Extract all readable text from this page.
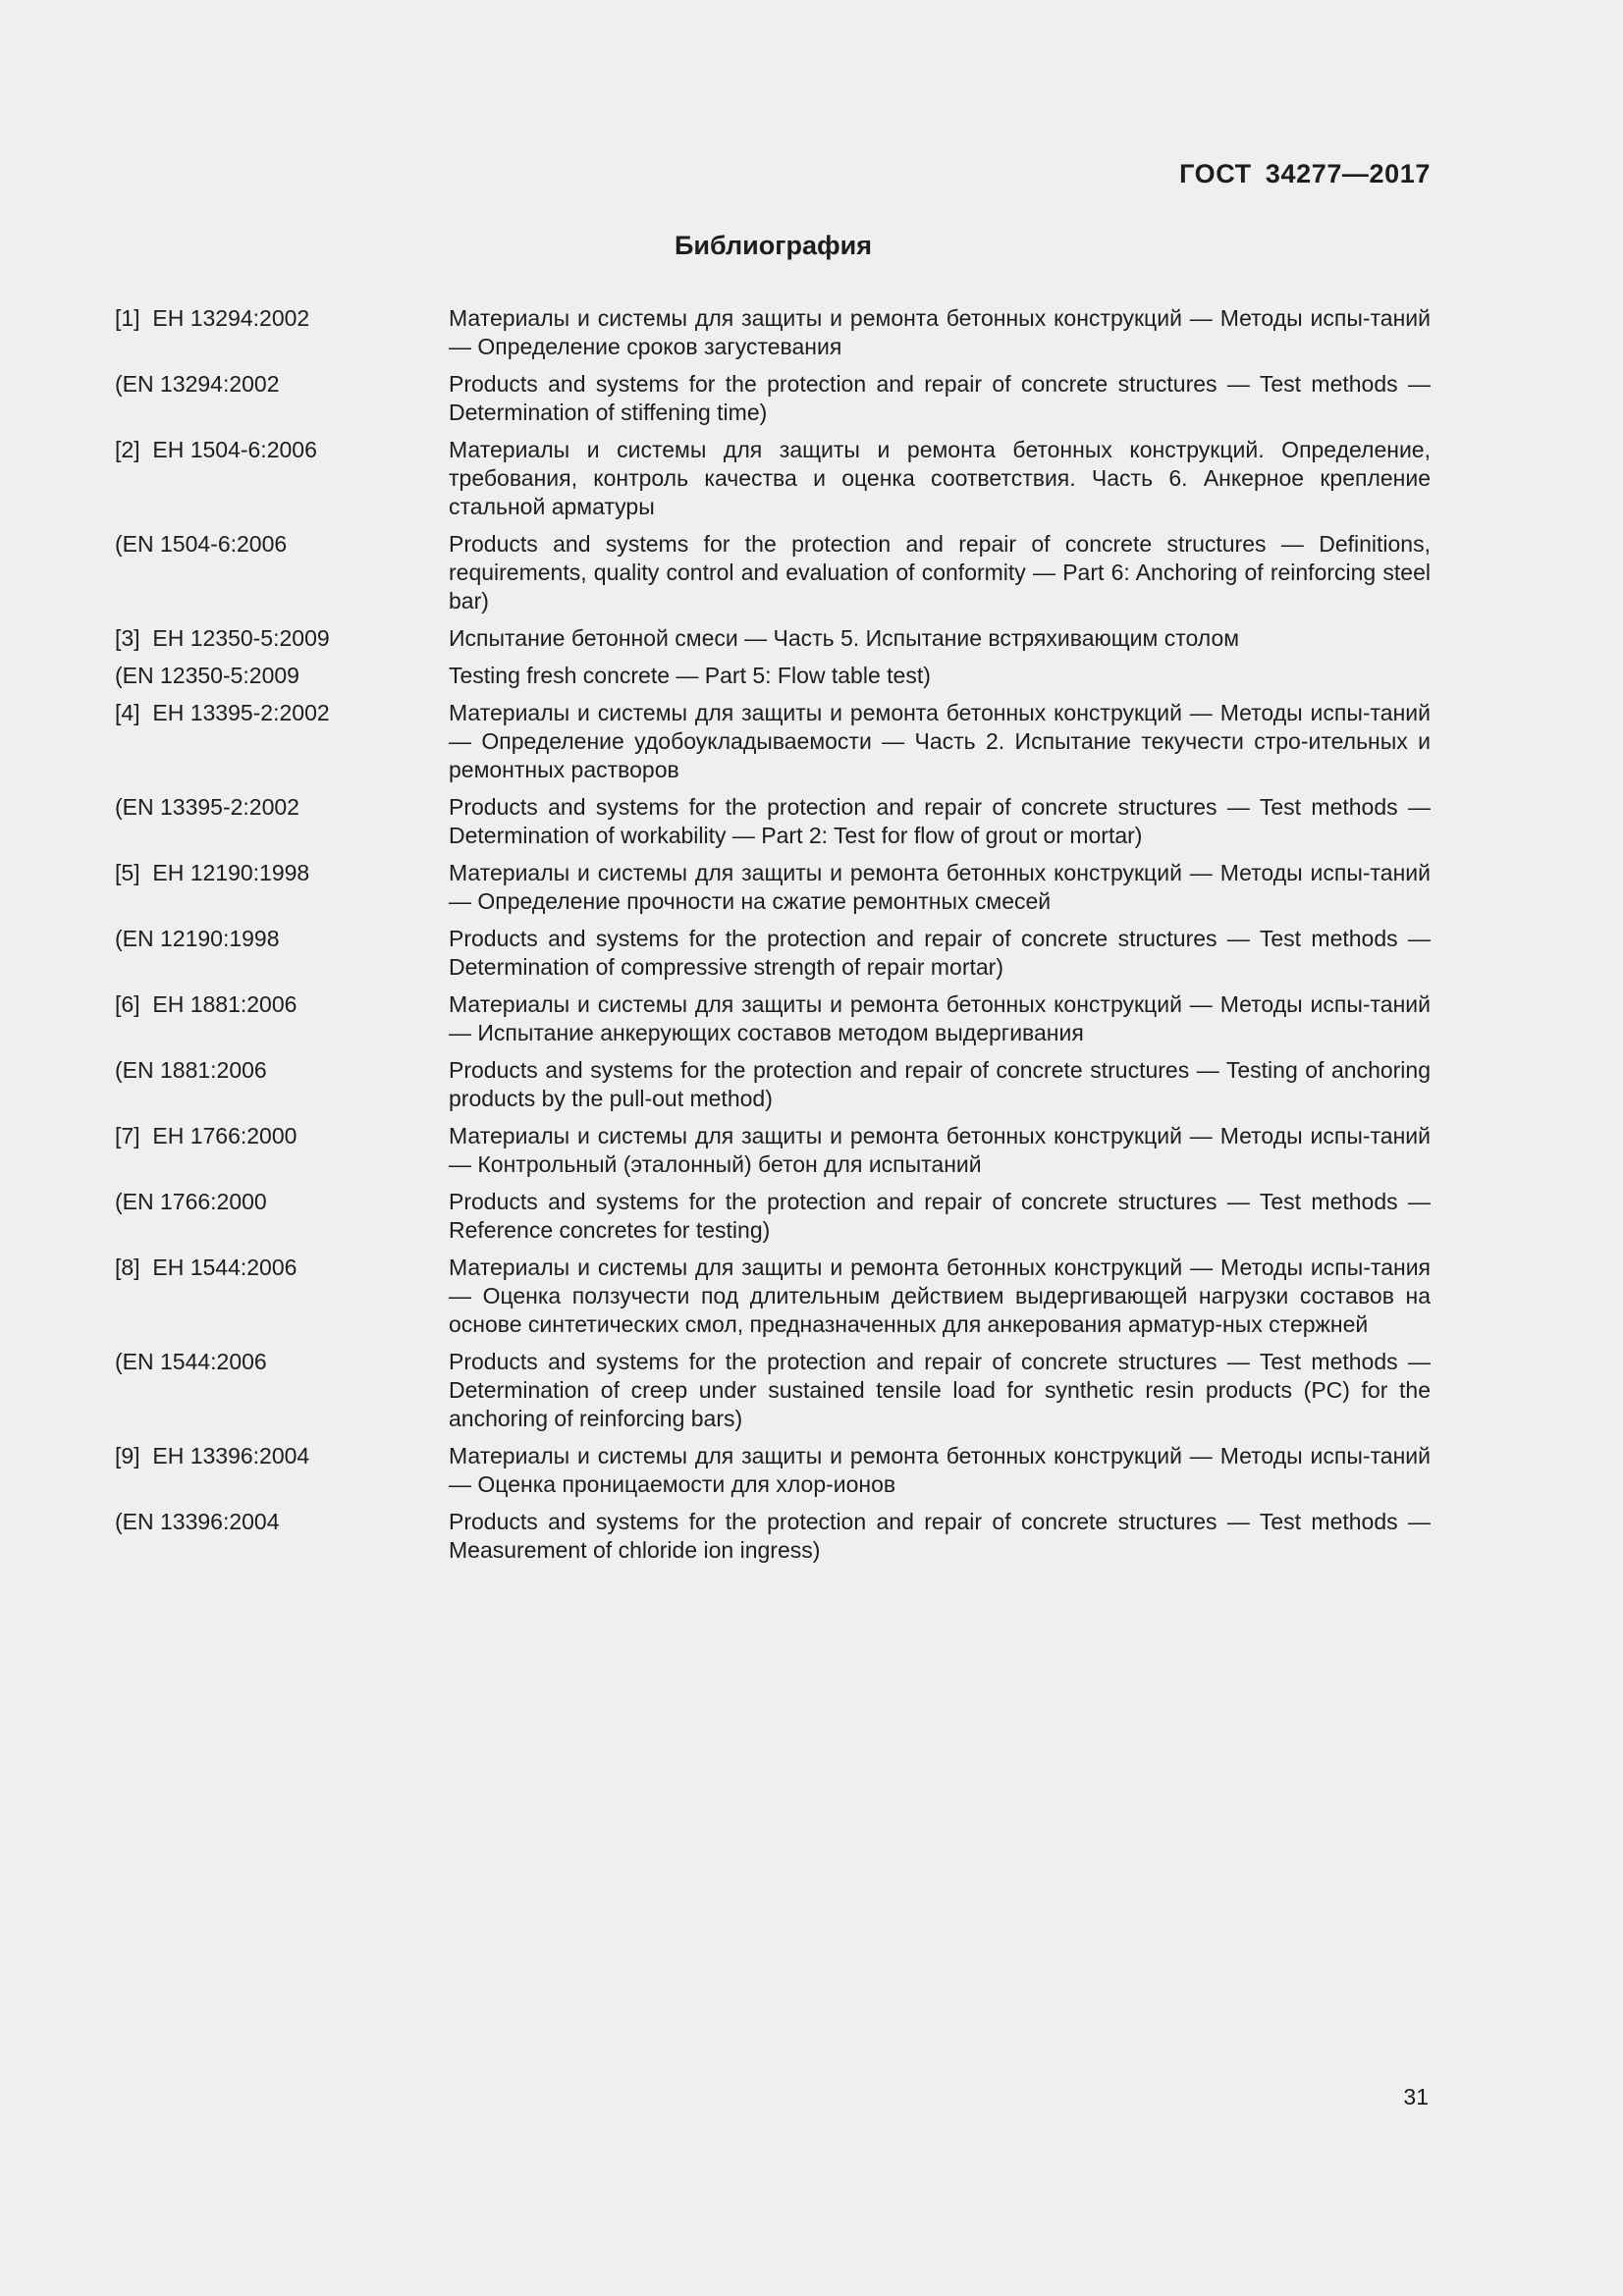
ГОСТ 34277—2017
Библиография
[1]  ЕН 13294:2002	Материалы и системы для защиты и ремонта бетонных конструкций — Методы испы-таний — Определение сроков загустевания
(EN 13294:2002	Products and systems for the protection and repair of concrete structures — Test methods — Determination of stiffening time)
[2]  ЕН 1504-6:2006	Материалы и системы для защиты и ремонта бетонных конструкций. Определение, требования, контроль качества и оценка соответствия. Часть 6. Анкерное крепление стальной арматуры
(EN 1504-6:2006	Products and systems for the protection and repair of concrete structures — Definitions, requirements, quality control and evaluation of conformity — Part 6: Anchoring of reinforcing steel bar)
[3]  ЕН 12350-5:2009	Испытание бетонной смеси — Часть 5. Испытание встряхивающим столом
(EN 12350-5:2009	Testing fresh concrete — Part 5: Flow table test)
[4]  ЕН 13395-2:2002	Материалы и системы для защиты и ремонта бетонных конструкций — Методы испы-таний — Определение удобоукладываемости — Часть 2. Испытание текучести стро-ительных и ремонтных растворов
(EN 13395-2:2002	Products and systems for the protection and repair of concrete structures — Test methods — Determination of workability — Part 2: Test for flow of grout or mortar)
[5]  ЕН 12190:1998	Материалы и системы для защиты и ремонта бетонных конструкций — Методы испы-таний — Определение прочности на сжатие ремонтных смесей
(EN 12190:1998	Products and systems for the protection and repair of concrete structures — Test methods — Determination of compressive strength of repair mortar)
[6]  ЕН 1881:2006	Материалы и системы для защиты и ремонта бетонных конструкций — Методы испы-таний — Испытание анкерующих составов методом выдергивания
(EN 1881:2006	Products and systems for the protection and repair of concrete structures — Testing of anchoring products by the pull-out method)
[7]  ЕН 1766:2000	Материалы и системы для защиты и ремонта бетонных конструкций — Методы испы-таний — Контрольный (эталонный) бетон для испытаний
(EN 1766:2000	Products and systems for the protection and repair of concrete structures — Test methods — Reference concretes for testing)
[8]  ЕН 1544:2006	Материалы и системы для защиты и ремонта бетонных конструкций — Методы испы-тания — Оценка ползучести под длительным действием выдергивающей нагрузки составов на основе синтетических смол, предназначенных для анкерования арматур-ных стержней
(EN 1544:2006	Products and systems for the protection and repair of concrete structures — Test methods — Determination of creep under sustained tensile load for synthetic resin products (PC) for the anchoring of reinforcing bars)
[9]  ЕН 13396:2004	Материалы и системы для защиты и ремонта бетонных конструкций — Методы испы-таний — Оценка проницаемости для хлор-ионов
(EN 13396:2004	Products and systems for the protection and repair of concrete structures — Test methods — Measurement of chloride ion ingress)
31
